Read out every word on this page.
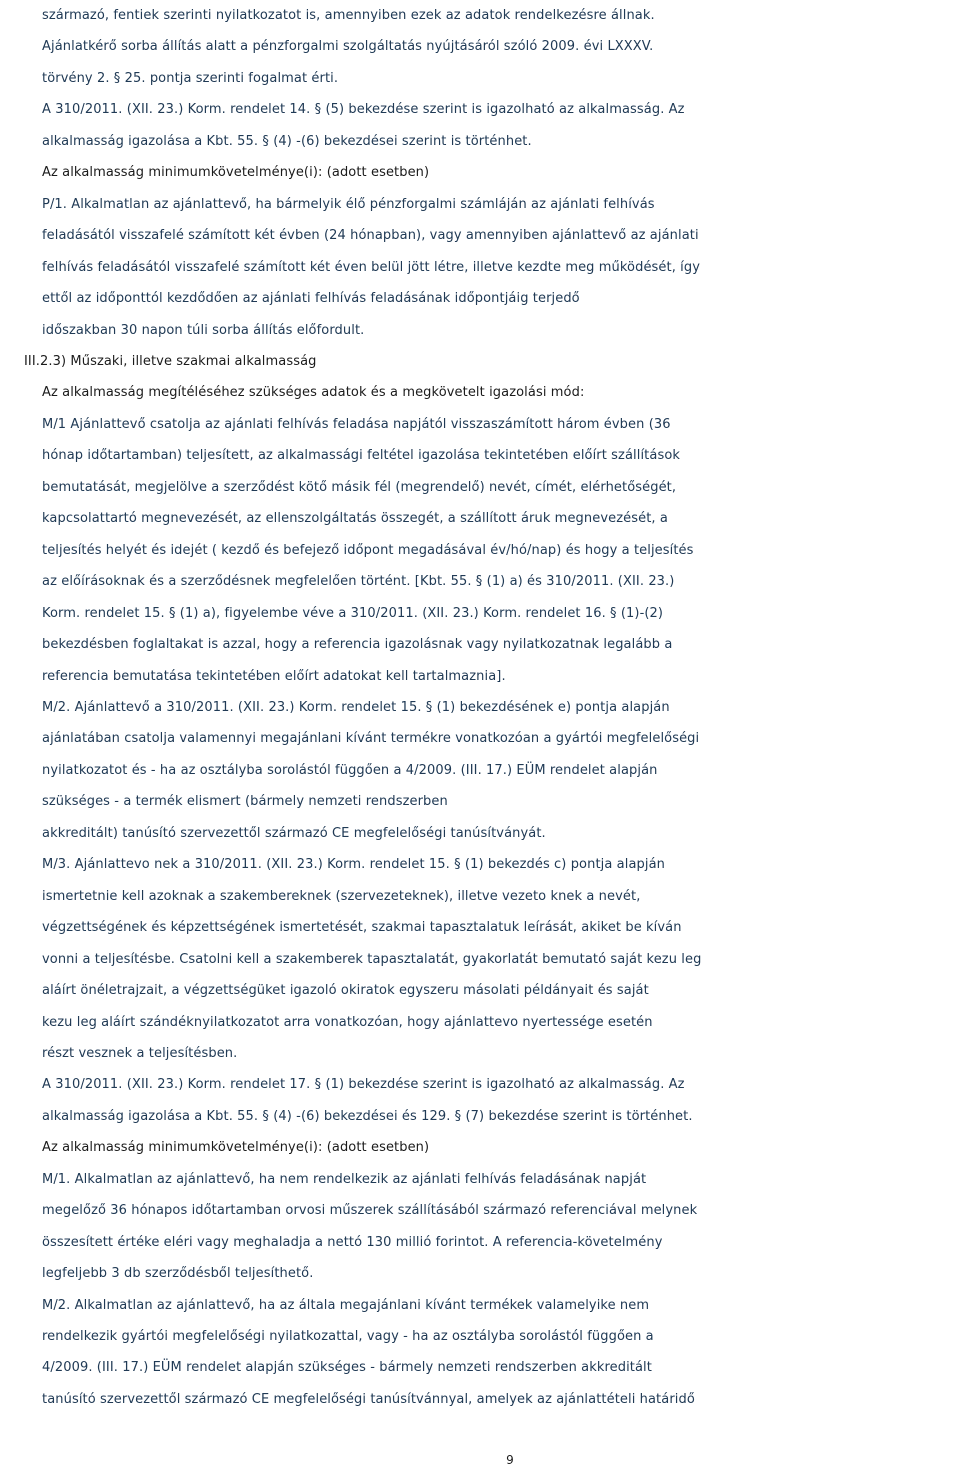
származó, fentiek szerinti nyilatkozatot is, amennyiben ezek az adatok rendelkezésre állnak.
Ajánlatkérő sorba állítás alatt a pénzforgalmi szolgáltatás nyújtásáról szóló 2009. évi LXXXV.
törvény 2. § 25. pontja szerinti fogalmat érti.
A 310/2011. (XII. 23.) Korm. rendelet 14. § (5) bekezdése szerint is igazolható az alkalmasság. Az
alkalmasság igazolása a Kbt. 55. § (4) -(6) bekezdései szerint is történhet.
Az alkalmasság minimumkövetelménye(i): (adott esetben)
P/1. Alkalmatlan az ajánlattevő, ha bármelyik élő pénzforgalmi számláján az ajánlati felhívás
feladásától visszafelé számított két évben (24 hónapban), vagy amennyiben ajánlattevő az ajánlati
felhívás feladásától visszafelé számított két éven belül jött létre, illetve kezdte meg működését, így
ettől az időponttól kezdődően az ajánlati felhívás feladásának időpontjáig terjedő
időszakban 30 napon túli sorba állítás előfordult.
III.2.3) Műszaki, illetve szakmai alkalmasság
Az alkalmasság megítéléséhez szükséges adatok és a megkövetelt igazolási mód:
M/1 Ajánlattevő csatolja az ajánlati felhívás feladása napjától visszaszámított három évben (36
hónap időtartamban) teljesített, az alkalmassági feltétel igazolása tekintetében előírt szállítások
bemutatását, megjelölve a szerződést kötő másik fél (megrendelő) nevét, címét, elérhetőségét,
kapcsolattartó megnevezését, az ellenszolgáltatás összegét, a szállított áruk megnevezését, a
teljesítés helyét és idejét ( kezdő és befejező időpont megadásával év/hó/nap) és hogy a teljesítés
az előírásoknak és a szerződésnek megfelelően történt. [Kbt. 55. § (1) a) és 310/2011. (XII. 23.)
Korm. rendelet 15. § (1) a), figyelembe véve a 310/2011. (XII. 23.) Korm. rendelet 16. § (1)-(2)
bekezdésben foglaltakat is azzal, hogy a referencia igazolásnak vagy nyilatkozatnak legalább a
referencia bemutatása tekintetében előírt adatokat kell tartalmaznia].
M/2. Ajánlattevő a 310/2011. (XII. 23.) Korm. rendelet 15. § (1) bekezdésének e) pontja alapján
ajánlatában csatolja valamennyi megajánlani kívánt termékre vonatkozóan a gyártói megfelelőségi
nyilatkozatot és - ha az osztályba sorolástól függően a 4/2009. (III. 17.) EÜM rendelet alapján
szükséges - a termék elismert (bármely nemzeti rendszerben
akkreditált) tanúsító szervezettől származó CE megfelelőségi tanúsítványát.
M/3. Ajánlattevo nek a 310/2011. (XII. 23.) Korm. rendelet 15. § (1) bekezdés c) pontja alapján
ismertetnie kell azoknak a szakembereknek (szervezeteknek), illetve vezeto knek a nevét,
végzettségének és képzettségének ismertetését, szakmai tapasztalatuk leírását, akiket be kíván
vonni a teljesítésbe. Csatolni kell a szakemberek tapasztalatát, gyakorlatát bemutató saját kezu leg
aláírt önéletrajzait, a végzettségüket igazoló okiratok egyszeru másolati példányait és saját
kezu leg aláírt szándéknyilatkozatot arra vonatkozóan, hogy ajánlattevo nyertessége esetén
részt vesznek a teljesítésben.
A 310/2011. (XII. 23.) Korm. rendelet 17. § (1) bekezdése szerint is igazolható az alkalmasság. Az
alkalmasság igazolása a Kbt. 55. § (4) -(6) bekezdései és 129. § (7) bekezdése szerint is történhet.
Az alkalmasság minimumkövetelménye(i): (adott esetben)
M/1. Alkalmatlan az ajánlattevő, ha nem rendelkezik az ajánlati felhívás feladásának napját
megelőző 36 hónapos időtartamban orvosi műszerek szállításából származó referenciával melynek
összesített értéke eléri vagy meghaladja a nettó 130 millió forintot. A referencia-követelmény
legfeljebb 3 db szerződésből teljesíthető.
M/2. Alkalmatlan az ajánlattevő, ha az általa megajánlani kívánt termékek valamelyike nem
rendelkezik gyártói megfelelőségi nyilatkozattal, vagy - ha az osztályba sorolástól függően a
4/2009. (III. 17.) EÜM rendelet alapján szükséges - bármely nemzeti rendszerben akkreditált
tanúsító szervezettől származó CE megfelelőségi tanúsítvánnyal, amelyek az ajánlattételi határidő
9
